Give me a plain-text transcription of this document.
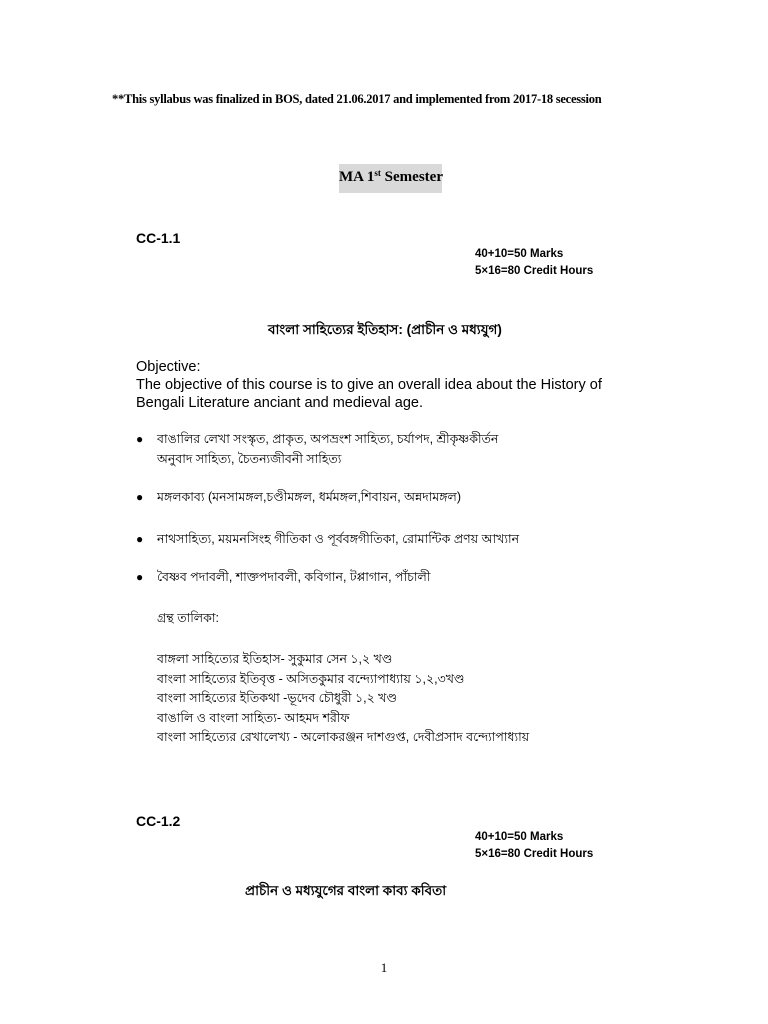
**This syllabus was finalized in BOS, dated 21.06.2017 and implemented from 2017-18 secession
MA 1st Semester
CC-1.1
40+10=50 Marks
5×16=80 Credit Hours
বাংলা সাহিত্যের ইতিহাস: (প্রাচীন ও মধ্যযুগ)

Objective:

The objective of this course is to give an overall idea about the History of Bengali Literature anciant and medieval age.

● বাঙালির লেখা সংস্কৃত, প্রাকৃত, অপভ্রংশ সাহিত্য, চর্যাপদ, শ্রীকৃষ্ণকীর্তন
অনুবাদ সাহিত্য, চৈতন্যজীবনী সাহিত্য
● মঙ্গলকাব্য (মনসামঙ্গল,চণ্ডীমঙ্গল, ধর্মমঙ্গল,শিবায়ন, অন্নদামঙ্গল)
● নাথসাহিত্য, ময়মনসিংহ গীতিকা ও পূর্ববঙ্গগীতিকা, রোমান্টিক প্রণয় আখ্যান
● বৈষ্ণব পদাবলী, শাক্তপদাবলী, কবিগান, টপ্পাগান, পাঁচালী
গ্রন্থ তালিকা:
বাঙ্গলা সাহিত্যের ইতিহাস- সুকুমার সেন ১,২ খণ্ড
বাংলা সাহিত্যের ইতিবৃত্ত - অসিতকুমার বন্দ্যোপাধ্যায় ১,২,৩খণ্ড
বাংলা সাহিত্যের ইতিকথা -ভূদেব চৌধুরী ১,২ খণ্ড
বাঙালি ও বাংলা সাহিত্য- আহমদ শরীফ
বাংলা সাহিত্যের রেখালেখ্য - অলোকরঞ্জন দাশগুপ্ত, দেবীপ্রসাদ বন্দ্যোপাধ্যায়
CC-1.2
40+10=50 Marks
5×16=80 Credit Hours
প্রাচীন ও মধ্যযুগের বাংলা কাব্য কবিতা
1
